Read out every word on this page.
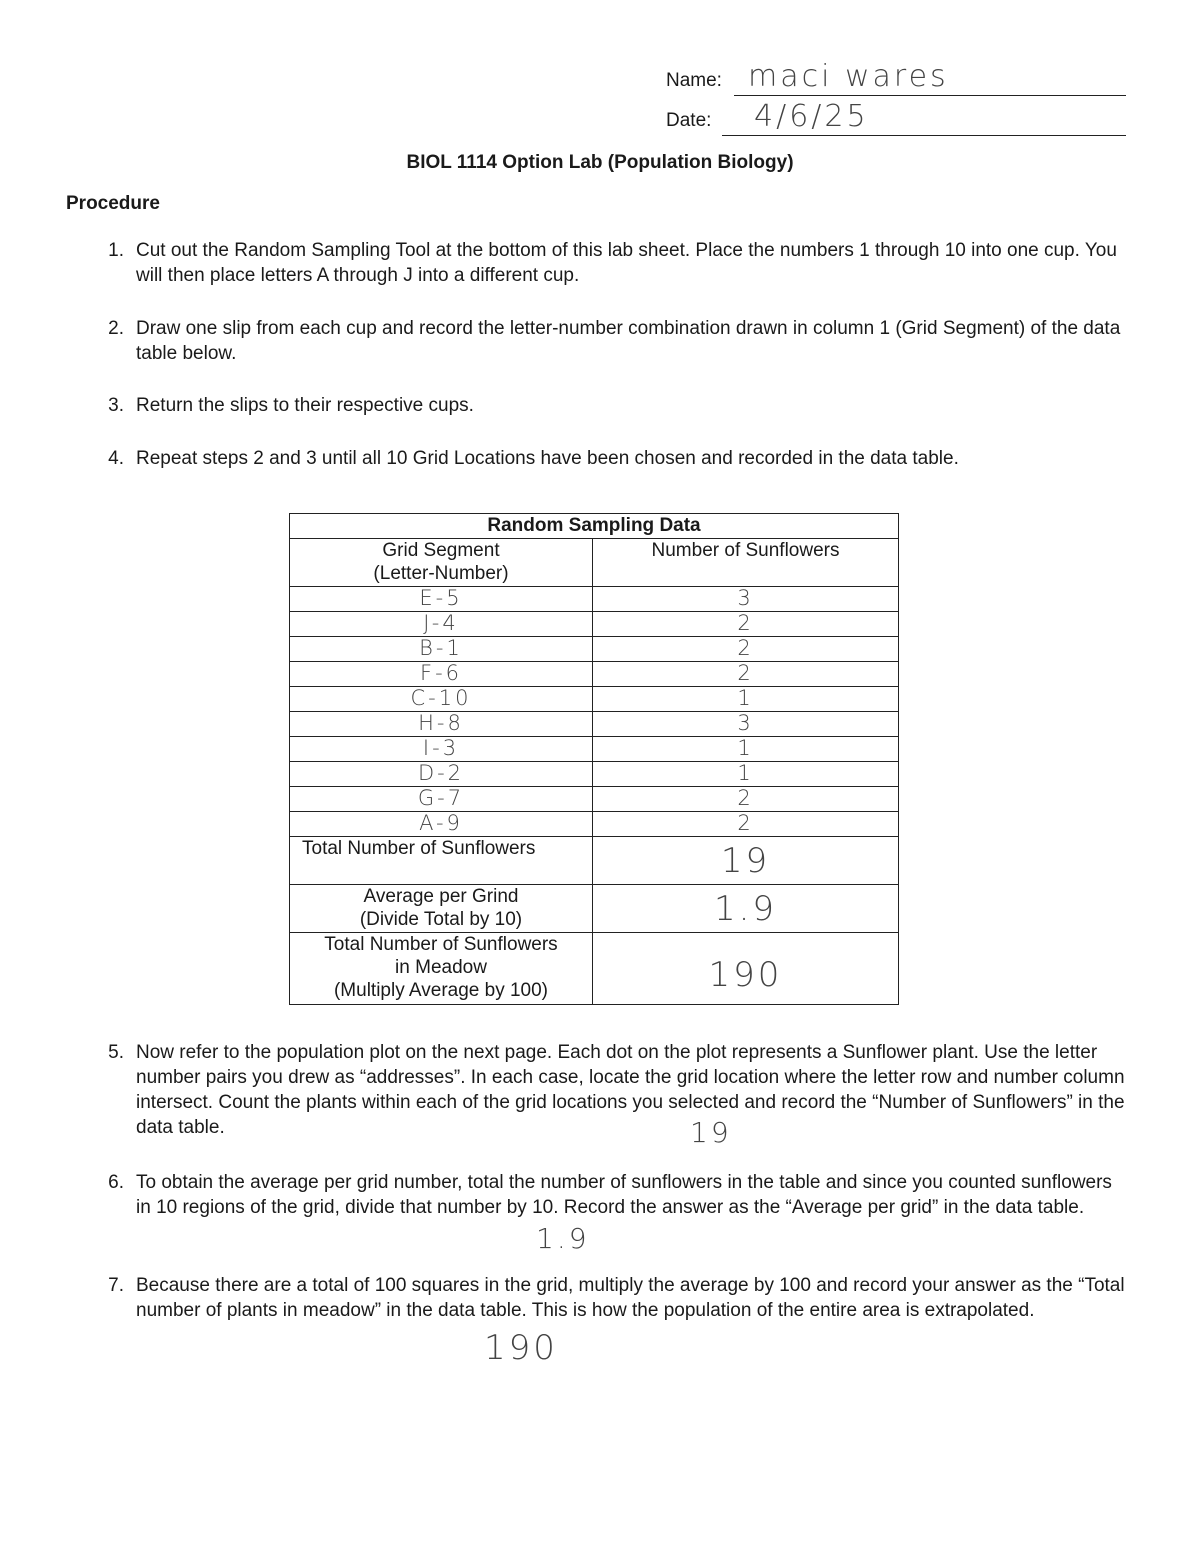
Name: maci wares
Date: 4/6/25
BIOL 1114 Option Lab (Population Biology)
Procedure
1. Cut out the Random Sampling Tool at the bottom of this lab sheet. Place the numbers 1 through 10 into one cup. You will then place letters A through J into a different cup.
2. Draw one slip from each cup and record the letter-number combination drawn in column 1 (Grid Segment) of the data table below.
3. Return the slips to their respective cups.
4. Repeat steps 2 and 3 until all 10 Grid Locations have been chosen and recorded in the data table.
Random Sampling Data	
Grid Segment
(Letter-Number)	Number of Sunflowers
E-5	3
J-4	2
B-1	2
F-6	2
C-10	1
H-8	3
I-3	1
D-2	1
G-7	2
A-9	2
Total Number of Sunflowers	19

Average per Grind
(Divide Total by 10)	1.9

Total Number of Sunflowers
in Meadow
(Multiply Average by 100)	190
5. Now refer to the population plot on the next page. Each dot on the plot represents a Sunflower plant. Use the letter number pairs you drew as “addresses”. In each case, locate the grid location where the letter row and number column intersect. Count the plants within each of the grid locations you selected and record the “Number of Sunflowers” in the data table.	19
6. To obtain the average per grid number, total the number of sunflowers in the table and since you counted sunflowers in 10 regions of the grid, divide that number by 10. Record the answer as the “Average per grid” in the data table.
1.9
7. Because there are a total of 100 squares in the grid, multiply the average by 100 and record your answer as the “Total number of plants in meadow” in the data table. This is how the population of the entire area is extrapolated.
190
